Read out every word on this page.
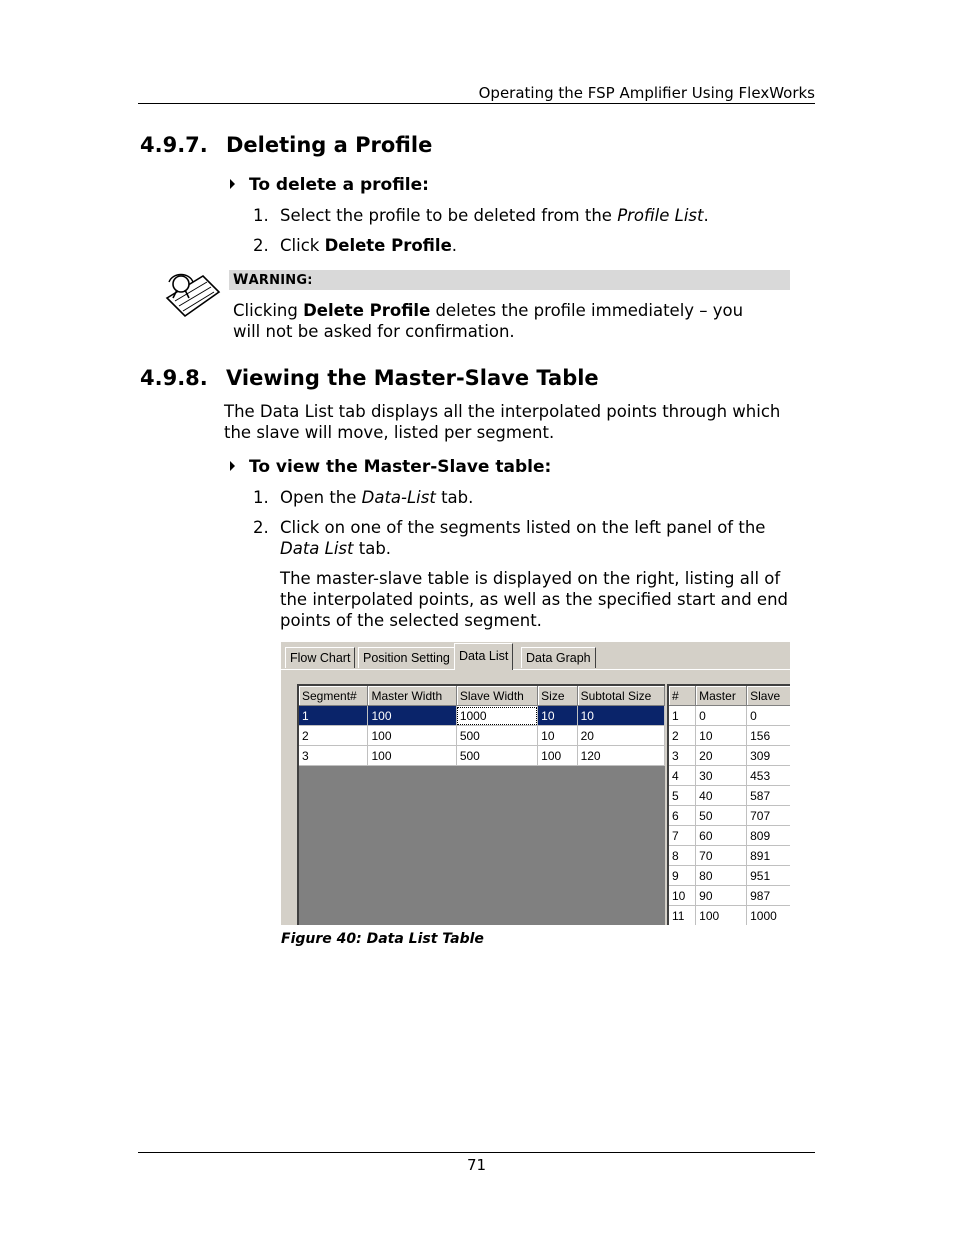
Operating the FSP Amplifier Using FlexWorks
4.9.7. Deleting a Profile
To delete a profile:
1. Select the profile to be deleted from the Profile List.
2. Click Delete Profile.
WARNING:
Clicking Delete Profile deletes the profile immediately – you
will not be asked for confirmation.
4.9.8. Viewing the Master-Slave Table
The Data List tab displays all the interpolated points through which
the slave will move, listed per segment.
To view the Master-Slave table:
1. Open the Data-List tab.
2. Click on one of the segments listed on the left panel of the
Data List tab.
The master-slave table is displayed on the right, listing all of
the interpolated points, as well as the specified start and end
points of the selected segment.
Flow Chart	Position Setting Data List	Data Graph
Segment#	Master Width	Slave Width	Size	Subtotal Size
1	100	1000	10	10
2	100	500	10	20
3	100	500	100	120
#	Master	Slave
1	0	0
2	10	156
3	20	309
4	30	453
5	40	587
6	50	707
7	60	809
8	70	891
9	80	951
10	90	987
11	100	1000
Figure 40: Data List Table
71
